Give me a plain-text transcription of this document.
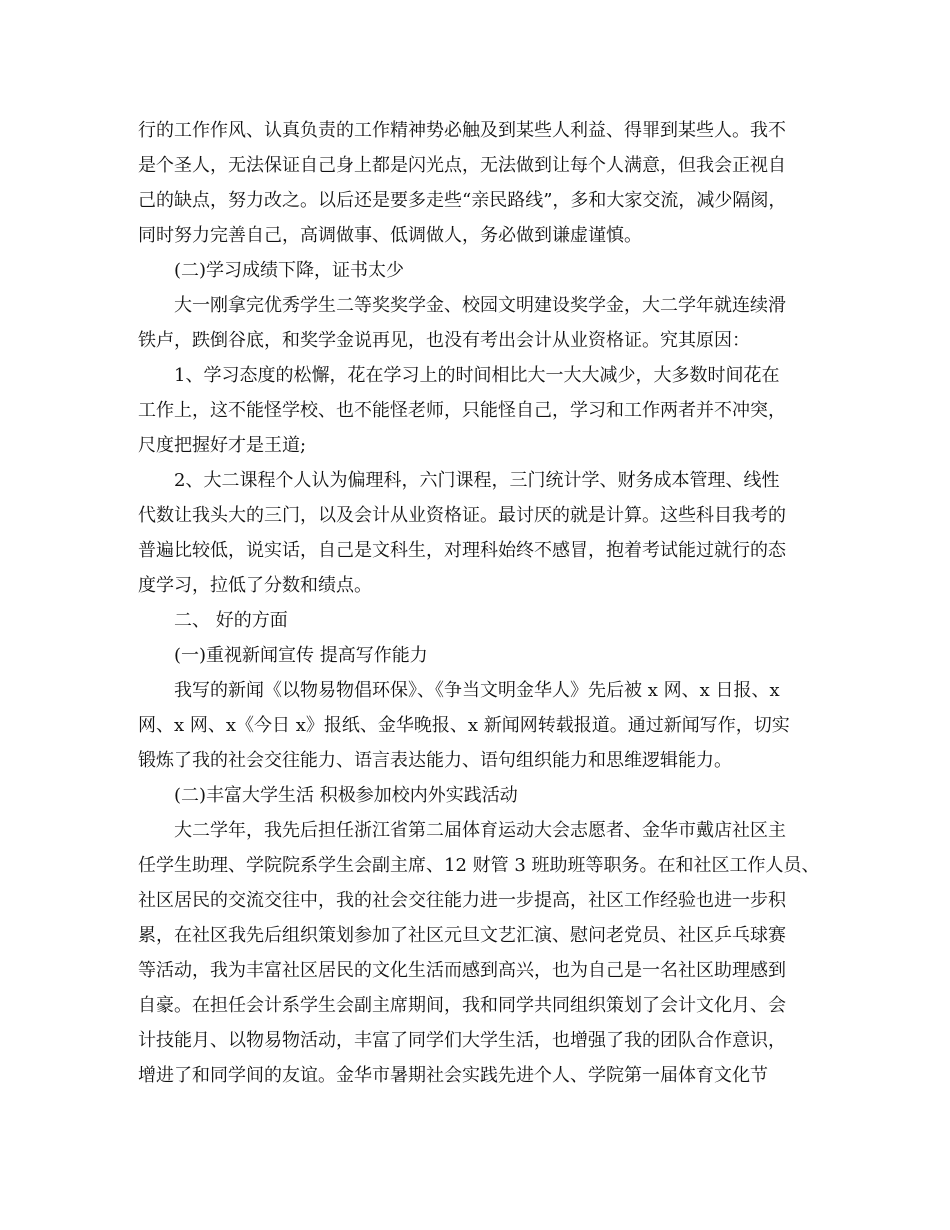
行的工作作风、认真负责的工作精神势必触及到某些人利益、得罪到某些人。我不
是个圣人，无法保证自己身上都是闪光点，无法做到让每个人满意，但我会正视自
己的缺点，努力改之。以后还是要多走些“亲民路线”，多和大家交流，减少隔阂，
同时努力完善自己，高调做事、低调做人，务必做到谦虚谨慎。
(二)学习成绩下降，证书太少
大一刚拿完优秀学生二等奖奖学金、校园文明建设奖学金，大二学年就连续滑
铁卢，跌倒谷底，和奖学金说再见，也没有考出会计从业资格证。究其原因：
1、学习态度的松懈，花在学习上的时间相比大一大大减少，大多数时间花在
工作上，这不能怪学校、也不能怪老师，只能怪自己，学习和工作两者并不冲突，
尺度把握好才是王道;
2、大二课程个人认为偏理科，六门课程，三门统计学、财务成本管理、线性
代数让我头大的三门，以及会计从业资格证。最讨厌的就是计算。这些科目我考的
普遍比较低，说实话，自己是文科生，对理科始终不感冒，抱着考试能过就行的态
度学习，拉低了分数和绩点。
二、 好的方面
(一)重视新闻宣传 提高写作能力
我写的新闻《以物易物倡环保》、《争当文明金华人》先后被 x 网、x 日报、x
网、x 网、x《今日 x》报纸、金华晚报、x 新闻网转载报道。通过新闻写作，切实
锻炼了我的社会交往能力、语言表达能力、语句组织能力和思维逻辑能力。
(二)丰富大学生活 积极参加校内外实践活动
大二学年，我先后担任浙江省第二届体育运动大会志愿者、金华市戴店社区主
任学生助理、学院院系学生会副主席、12 财管 3 班助班等职务。在和社区工作人员、
社区居民的交流交往中，我的社会交往能力进一步提高，社区工作经验也进一步积
累，在社区我先后组织策划参加了社区元旦文艺汇演、慰问老党员、社区乒乓球赛
等活动，我为丰富社区居民的文化生活而感到高兴，也为自己是一名社区助理感到
自豪。在担任会计系学生会副主席期间，我和同学共同组织策划了会计文化月、会
计技能月、以物易物活动，丰富了同学们大学生活，也增强了我的团队合作意识，
增进了和同学间的友谊。金华市暑期社会实践先进个人、学院第一届体育文化节
